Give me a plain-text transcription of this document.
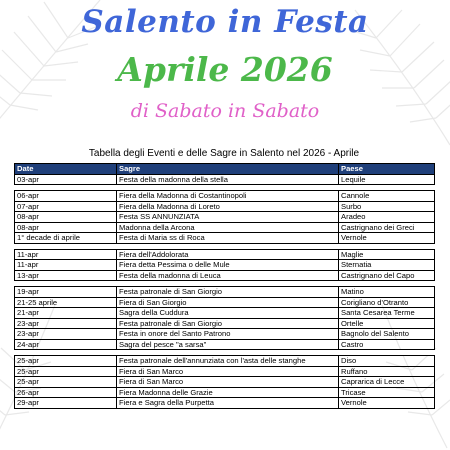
Salento in Festa
Aprile 2026
di Sabato in Sabato
Tabella degli Eventi e delle Sagre in Salento nel 2026 - Aprile
Date	Sagre	Paese
03-apr	Festa della madonna della stella	Lequile

06-apr	Fiera della Madonna di Costantinopoli	Cannole
07-apr	Fiera della Madonna di Loreto	Surbo
08-apr	Festa SS ANNUNZIATA	Aradeo
08-apr	Madonna della Arcona	Castrignano dei Greci
1° decade di aprile	Festa di Maria ss di Roca	Vernole

11-apr	Fiera dell'Addolorata	Maglie
11-apr	Fiera detta Pessima o delle Mule	Sternatia
13-apr	Festa della madonna di Leuca	Castrignano del Capo

19-apr	Festa patronale di San Giorgio	Matino
21-25 aprile	Fiera di San Giorgio	Corigliano d'Otranto
21-apr	Sagra della Cuddura	Santa Cesarea Terme
23-apr	Festa patronale di San Giorgio	Ortelle
23-apr	Festa in onore del Santo Patrono	Bagnolo del Salento
24-apr	Sagra del pesce "a sarsa"	Castro

25-apr	Festa patronale dell'annunziata con l'asta delle stanghe	Diso
25-apr	Fiera di San Marco	Ruffano
25-apr	Fiera di San Marco	Caprarica di Lecce
26-apr	Fiera Madonna delle Grazie	Tricase
29-apr	Fiera e Sagra della Purpetta	Vernole
